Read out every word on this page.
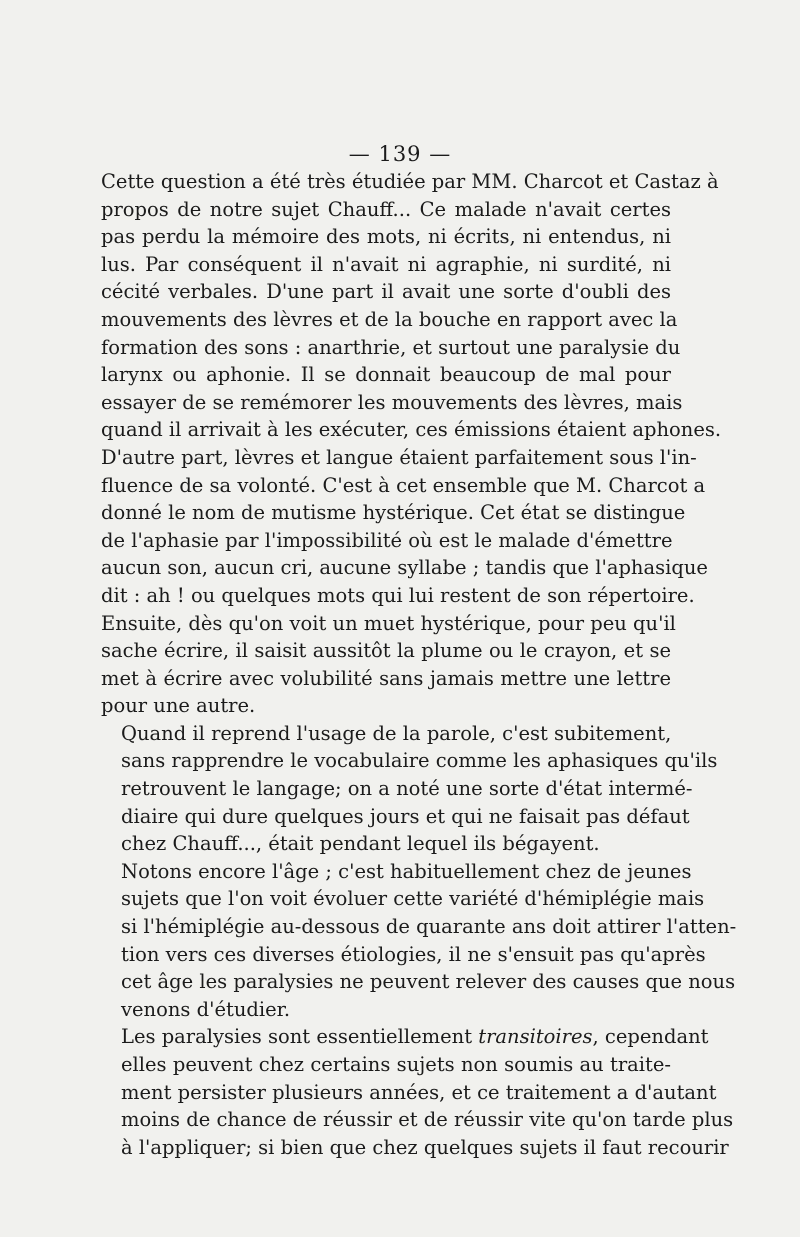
— 139 —

Cette question a été très étudiée par MM. Charcot et Castaz à
propos de notre sujet Chauff... Ce malade n'avait certes
pas perdu la mémoire des mots, ni écrits, ni entendus, ni
lus. Par conséquent il n'avait ni agraphie, ni surdité, ni
cécité verbales. D'une part il avait une sorte d'oubli des
mouvements des lèvres et de la bouche en rapport avec la
formation des sons : anarthrie, et surtout une paralysie du
larynx ou aphonie. Il se donnait beaucoup de mal pour
essayer de se remémorer les mouvements des lèvres, mais
quand il arrivait à les exécuter, ces émissions étaient aphones.
D'autre part, lèvres et langue étaient parfaitement sous l'in-
fluence de sa volonté. C'est à cet ensemble que M. Charcot a
donné le nom de mutisme hystérique. Cet état se distingue
de l'aphasie par l'impossibilité où est le malade d'émettre
aucun son, aucun cri, aucune syllabe ; tandis que l'aphasique
dit : ah ! ou quelques mots qui lui restent de son répertoire.
Ensuite, dès qu'on voit un muet hystérique, pour peu qu'il
sache écrire, il saisit aussitôt la plume ou le crayon, et se
met à écrire avec volubilité sans jamais mettre une lettre
pour une autre.

Quand il reprend l'usage de la parole, c'est subitement,
sans rapprendre le vocabulaire comme les aphasiques qu'ils
retrouvent le langage; on a noté une sorte d'état intermé-
diaire qui dure quelques jours et qui ne faisait pas défaut
chez Chauff..., était pendant lequel ils bégayent.

Notons encore l'âge ; c'est habituellement chez de jeunes
sujets que l'on voit évoluer cette variété d'hémiplégie mais
si l'hémiplégie au-dessous de quarante ans doit attirer l'atten-
tion vers ces diverses étiologies, il ne s'ensuit pas qu'après
cet âge les paralysies ne peuvent relever des causes que nous
venons d'étudier.

Les paralysies sont essentiellement transitoires, cependant
elles peuvent chez certains sujets non soumis au traite-
ment persister plusieurs années, et ce traitement a d'autant
moins de chance de réussir et de réussir vite qu'on tarde plus
à l'appliquer; si bien que chez quelques sujets il faut recourir
